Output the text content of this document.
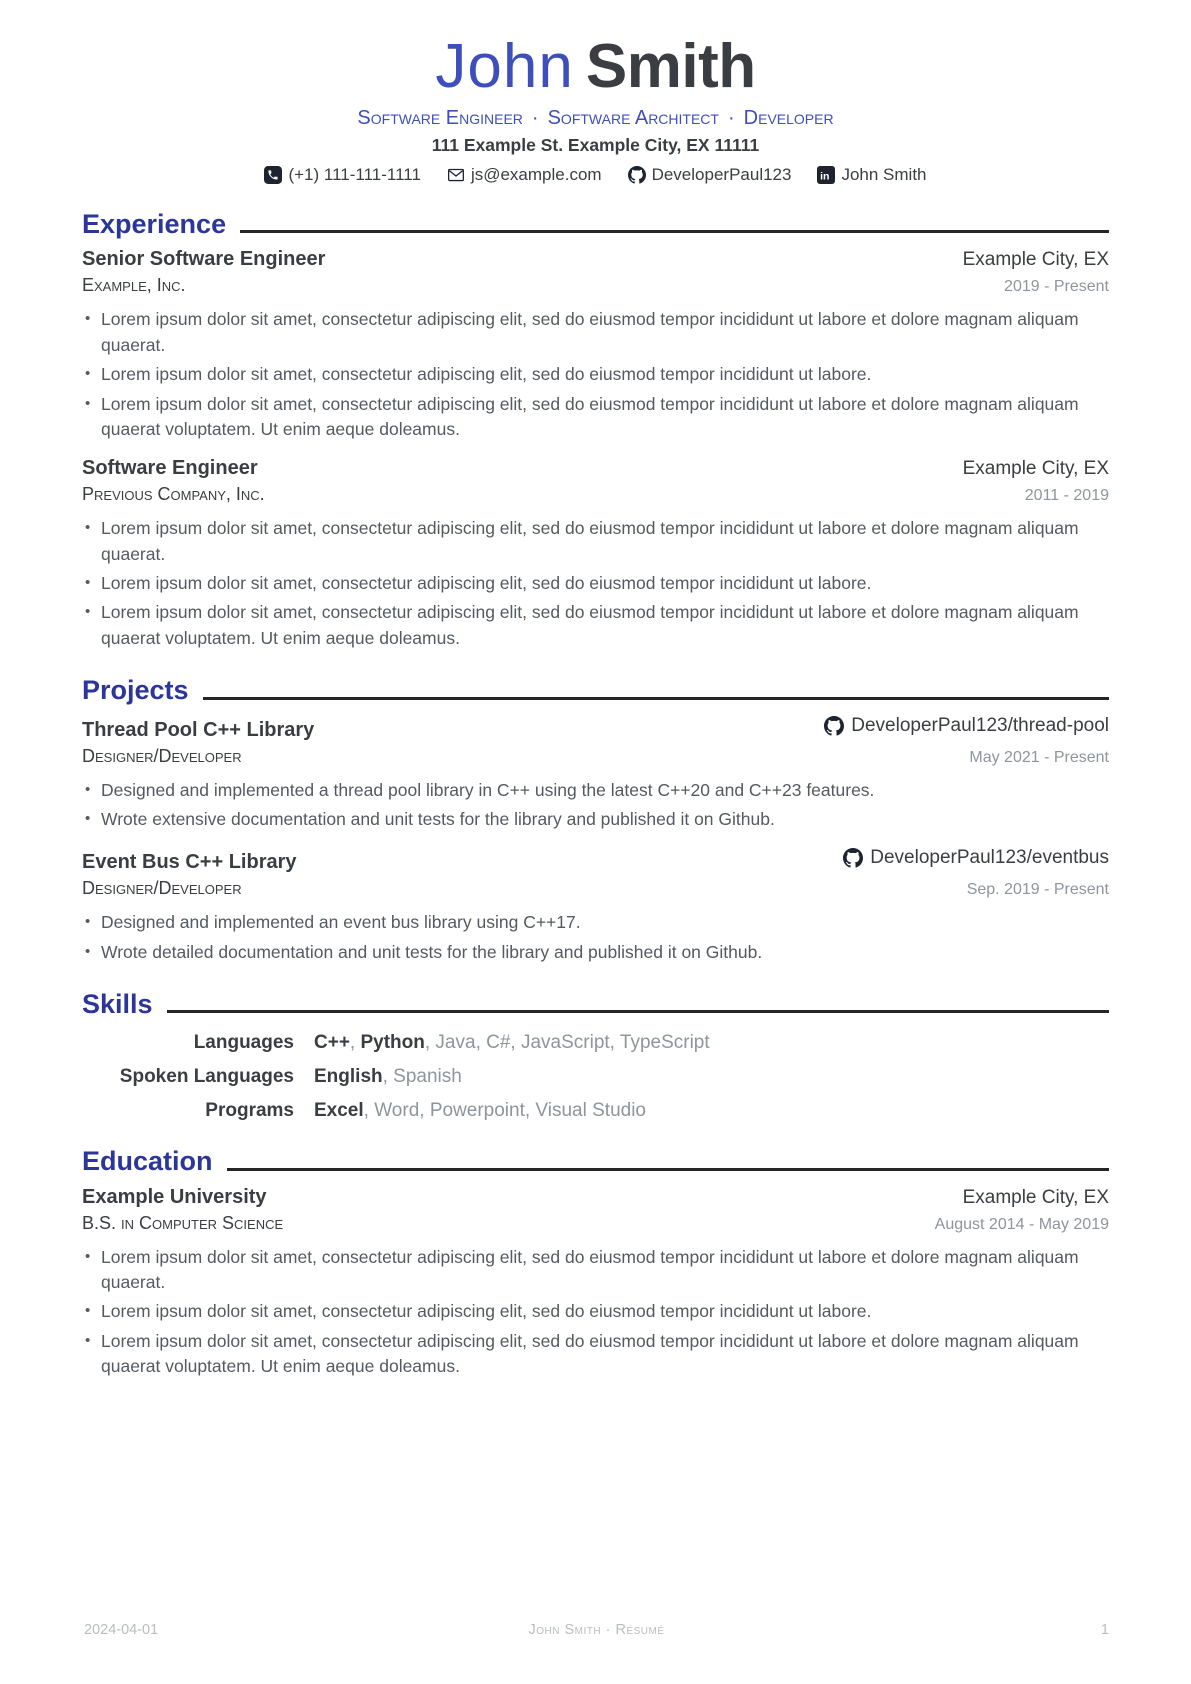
John Smith
Software Engineer · Software Architect · Developer
111 Example St. Example City, EX 11111
(+1) 111-111-1111	js@example.com	DeveloperPaul123 in John Smith
Experience
Senior Software Engineer	Example City, EX
Example, Inc.	2019 - Present
• Lorem ipsum dolor sit amet, consectetur adipiscing elit, sed do eiusmod tempor incididunt ut labore et dolore magnam aliquam quaerat.
• Lorem ipsum dolor sit amet, consectetur adipiscing elit, sed do eiusmod tempor incididunt ut labore.
• Lorem ipsum dolor sit amet, consectetur adipiscing elit, sed do eiusmod tempor incididunt ut labore et dolore magnam aliquam quaerat voluptatem. Ut enim aeque doleamus.
Software Engineer	Example City, EX
Previous Company, Inc.	2011 - 2019
• Lorem ipsum dolor sit amet, consectetur adipiscing elit, sed do eiusmod tempor incididunt ut labore et dolore magnam aliquam quaerat.
• Lorem ipsum dolor sit amet, consectetur adipiscing elit, sed do eiusmod tempor incididunt ut labore.
• Lorem ipsum dolor sit amet, consectetur adipiscing elit, sed do eiusmod tempor incididunt ut labore et dolore magnam aliquam quaerat voluptatem. Ut enim aeque doleamus.
Projects
Thread Pool C++ Library	DeveloperPaul123/thread-pool
Designer/Developer	May 2021 - Present
• Designed and implemented a thread pool library in C++ using the latest C++20 and C++23 features.
• Wrote extensive documentation and unit tests for the library and published it on Github.
Event Bus C++ Library	DeveloperPaul123/eventbus
Designer/Developer	Sep. 2019 - Present
• Designed and implemented an event bus library using C++17.
• Wrote detailed documentation and unit tests for the library and published it on Github.
Skills
Languages C++, Python, Java, C#, JavaScript, TypeScript
Spoken Languages English, Spanish
Programs Excel, Word, Powerpoint, Visual Studio
Education
Example University	Example City, EX
B.S. in Computer Science	August 2014 - May 2019
• Lorem ipsum dolor sit amet, consectetur adipiscing elit, sed do eiusmod tempor incididunt ut labore et dolore magnam aliquam quaerat.
• Lorem ipsum dolor sit amet, consectetur adipiscing elit, sed do eiusmod tempor incididunt ut labore.
• Lorem ipsum dolor sit amet, consectetur adipiscing elit, sed do eiusmod tempor incididunt ut labore et dolore magnam aliquam quaerat voluptatem. Ut enim aeque doleamus.
2024-04-01	John Smith · Résumé	1
